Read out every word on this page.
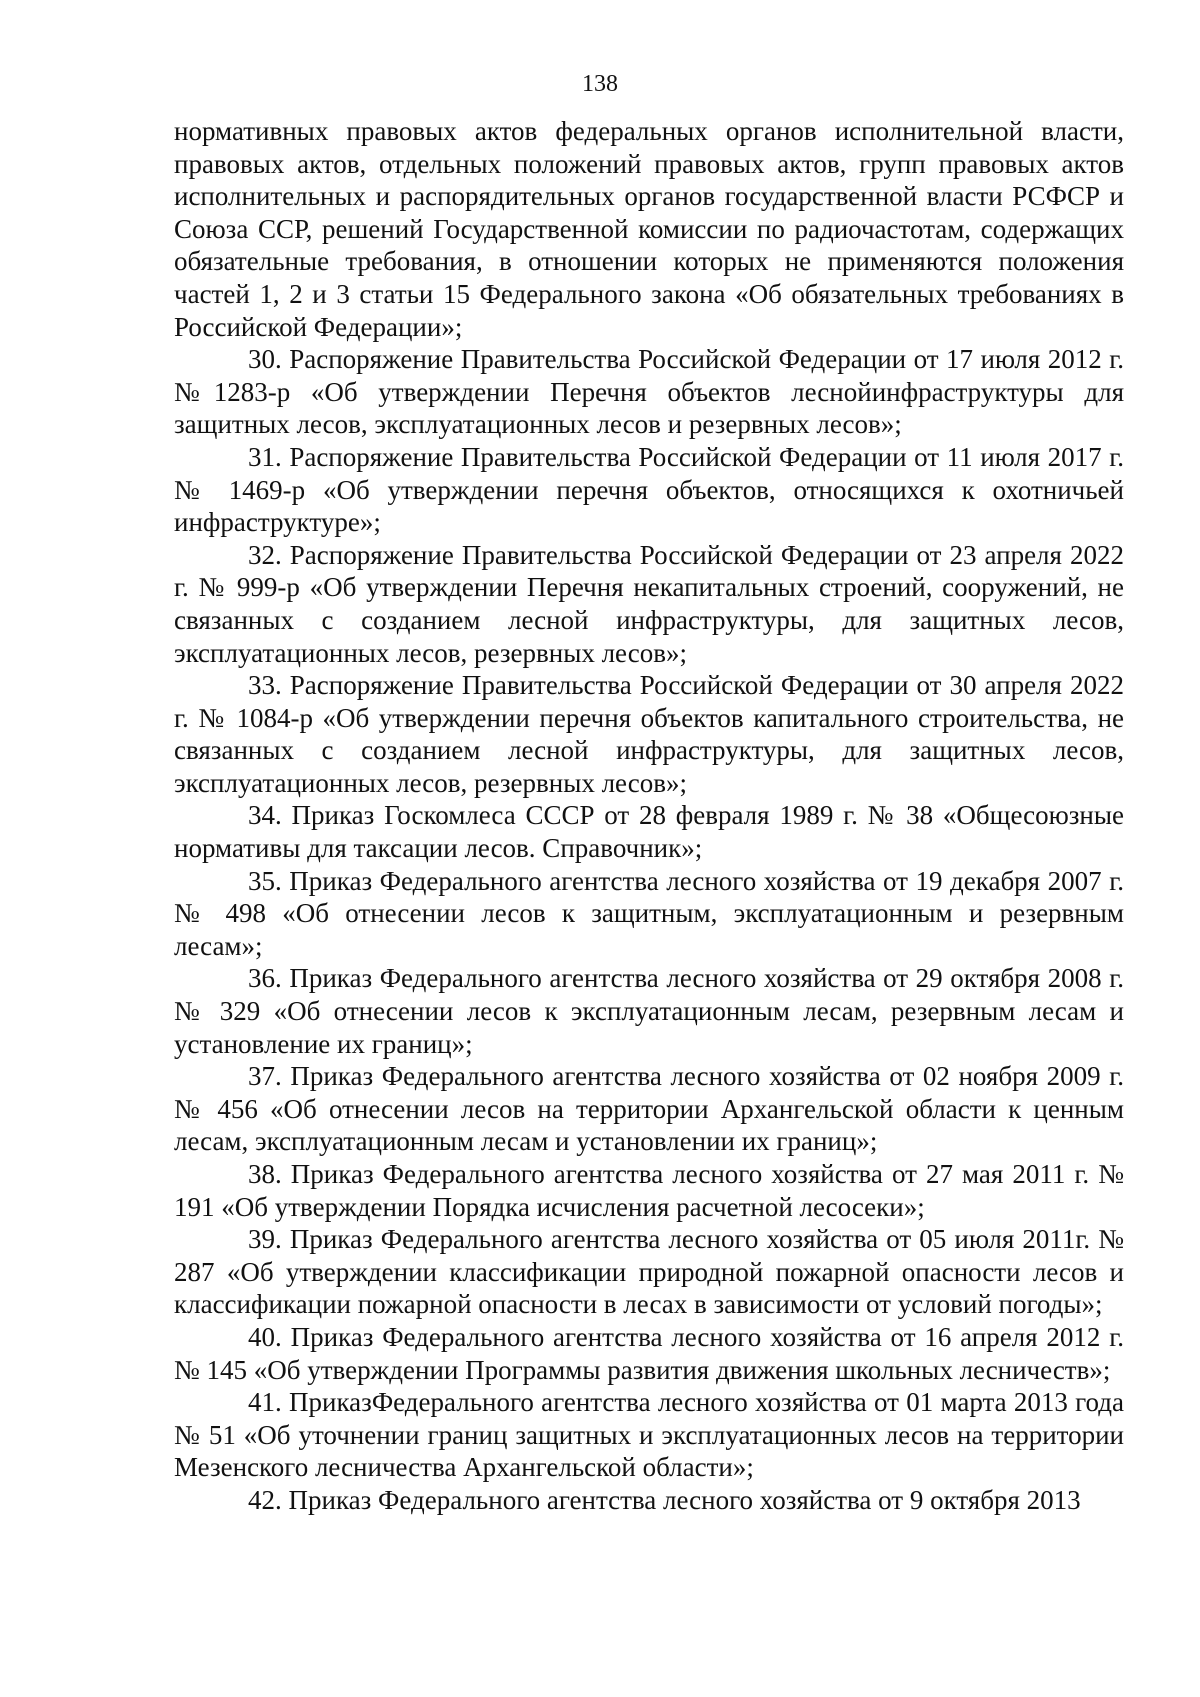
138

нормативных правовых актов федеральных органов исполнительной власти, правовых актов, отдельных положений правовых актов, групп правовых актов исполнительных и распорядительных органов государственной власти РСФСР и Союза ССР, решений Государственной комиссии по радиочастотам, содержащих обязательные требования, в отношении которых не применяются положения частей 1, 2 и 3 статьи 15 Федерального закона «Об обязательных требованиях в Российской Федерации»;

30. Распоряжение Правительства Российской Федерации от 17 июля 2012 г. №1283-р «Об утверждении Перечня объектов леснойинфраструктуры для защитных лесов, эксплуатационных лесов и резервных лесов»;

31. Распоряжение Правительства Российской Федерации от 11 июля 2017 г. № 1469-р «Об утверждении перечня объектов, относящихся к охотничьей инфраструктуре»;

32. Распоряжение Правительства Российской Федерации от 23 апреля 2022 г. № 999-р «Об утверждении Перечня некапитальных строений, сооружений, не связанных с созданием лесной инфраструктуры, для защитных лесов, эксплуатационных лесов, резервных лесов»;

33. Распоряжение Правительства Российской Федерации от 30 апреля 2022 г. № 1084-р «Об утверждении перечня объектов капитального строительства, не связанных с созданием лесной инфраструктуры, для защитных лесов, эксплуатационных лесов, резервных лесов»;

34. Приказ Госкомлеса СССР от 28 февраля 1989 г. № 38 «Общесоюзные нормативы для таксации лесов. Справочник»;

35. Приказ Федерального агентства лесного хозяйства от 19 декабря 2007 г. № 498 «Об отнесении лесов к защитным, эксплуатационным и резервным лесам»;

36. Приказ Федерального агентства лесного хозяйства от 29 октября 2008 г. № 329 «Об отнесении лесов к эксплуатационным лесам, резервным лесам и установление их границ»;

37. Приказ Федерального агентства лесного хозяйства от 02 ноября 2009 г. № 456 «Об отнесении лесов на территории Архангельской области к ценным лесам, эксплуатационным лесам и установлении их границ»;

38. Приказ Федерального агентства лесного хозяйства от 27 мая 2011 г. № 191 «Об утверждении Порядка исчисления расчетной лесосеки»;

39. Приказ Федерального агентства лесного хозяйства от 05 июля 2011г. № 287 «Об утверждении классификации природной пожарной опасности лесов и классификации пожарной опасности в лесах в зависимости от условий погоды»;

40. Приказ Федерального агентства лесного хозяйства от 16 апреля 2012 г. № 145 «Об утверждении Программы развития движения школьных лесничеств»;

41. ПриказФедерального агентства лесного хозяйства от 01 марта 2013 года № 51 «Об уточнении границ защитных и эксплуатационных лесов на территории Мезенского лесничества Архангельской области»;

42. Приказ Федерального агентства лесного хозяйства от 9 октября 2013
